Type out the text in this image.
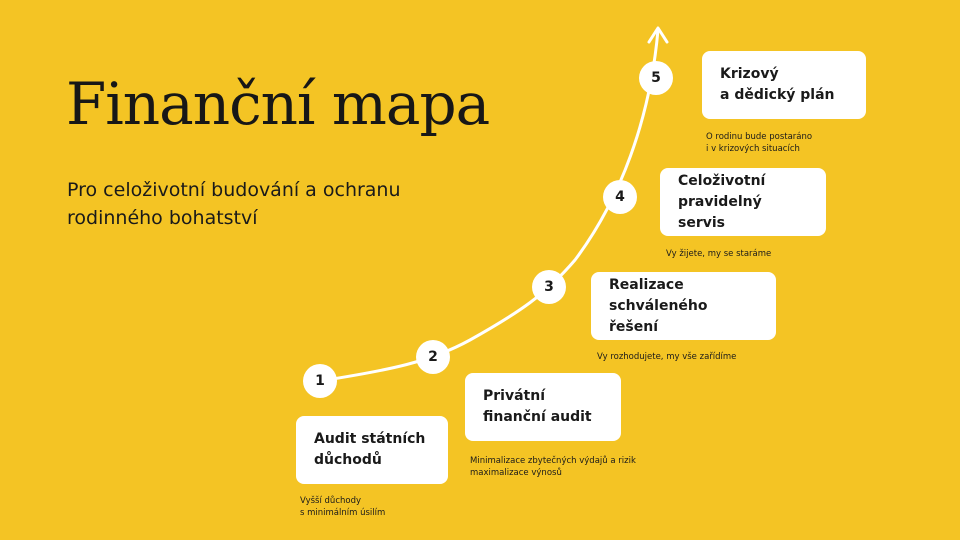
Finanční mapa
Pro celoživotní budování a ochranu rodinného bohatství
1
Audit státních
důchodů
Vyšší důchody
s minimálním úsilím
2
Privátní
finanční audit
Minimalizace zbytečných výdajů a rizik
maximalizace výnosů
3	Realizace
schváleného řešení
Vy rozhodujete, my vše zařídíme
4
Celoživotní
pravidelný servis
Vy žijete, my se staráme
5	Krizový
a dědický plán
O rodinu bude postaráno
i v krizových situacích
